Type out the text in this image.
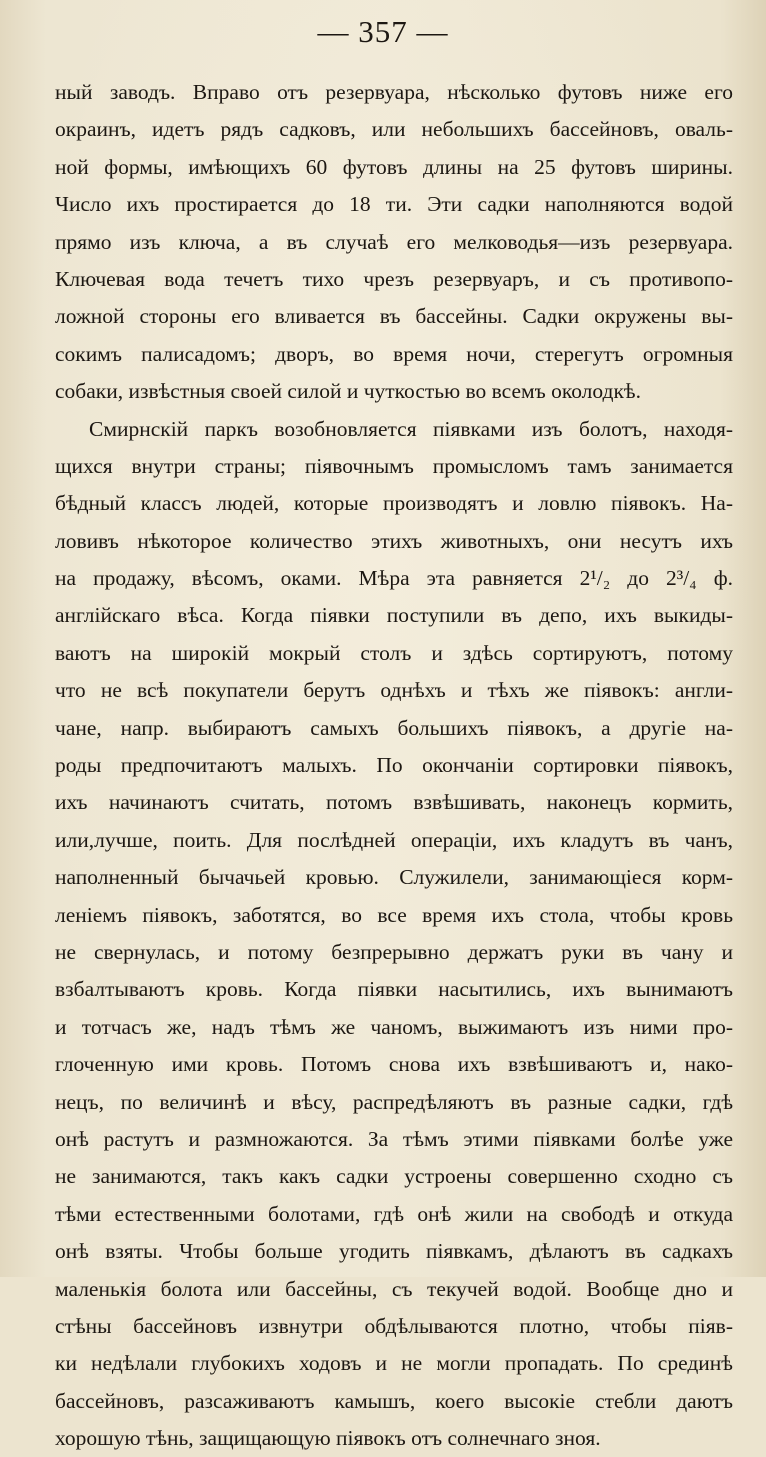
— 357 —
ный заводъ. Вправо отъ резервуара, нѣсколько футовъ ниже его
окраинъ, идетъ рядъ садковъ, или небольшихъ бассейновъ, оваль-
ной формы, имѣющихъ 60 футовъ длины на 25 футовъ ширины.
Число ихъ простирается до 18 ти. Эти садки наполняются водой
прямо изъ ключа, а въ случаѣ его мелководья—изъ резервуара.
Ключевая вода течетъ тихо чрезъ резервуаръ, и съ противопо-
ложной стороны его вливается въ бассейны. Садки окружены вы-
сокимъ палисадомъ; дворъ, во время ночи, стерегутъ огромныя
собаки, извѣстныя своей силой и чуткостью во всемъ околодкѣ.
Смирнскій паркъ возобновляется піявками изъ болотъ, находя-
щихся внутри страны; піявочнымъ промысломъ тамъ занимается
бѣдный классъ людей, которые производятъ и ловлю піявокъ. На-
ловивъ нѣкоторое количество этихъ животныхъ, они несутъ ихъ
на продажу, вѣсомъ, оками. Мѣра эта равняется 2¹/₂ до 2³/₄ ф.
англійскаго вѣса. Когда піявки поступили въ депо, ихъ выкиды-
ваютъ на широкій мокрый столъ и здѣсь сортируютъ, потому
что не всѣ покупатели берутъ однѣхъ и тѣхъ же піявокъ: англи-
чане, напр. выбираютъ самыхъ большихъ піявокъ, а другіе на-
роды предпочитаютъ малыхъ. По окончаніи сортировки піявокъ,
ихъ начинаютъ считать, потомъ взвѣшивать, наконецъ кормить,
или,лучше, поить. Для послѣдней операціи, ихъ кладутъ въ чанъ,
наполненный бычачьей кровью. Служилели, занимающіеся корм-
леніемъ піявокъ, заботятся, во все время ихъ стола, чтобы кровь
не свернулась, и потому безпрерывно держатъ руки въ чану и
взбалтываютъ кровь. Когда піявки насытились, ихъ вынимаютъ
и тотчасъ же, надъ тѣмъ же чаномъ, выжимаютъ изъ ними про-
глоченную ими кровь. Потомъ снова ихъ взвѣшиваютъ и, нако-
нецъ, по величинѣ и вѣсу, распредѣляютъ въ разные садки, гдѣ
онѣ растутъ и размножаются. За тѣмъ этими піявками болѣе уже
не занимаются, такъ какъ садки устроены совершенно сходно съ
тѣми естественными болотами, гдѣ онѣ жили на свободѣ и откуда
онѣ взяты. Чтобы больше угодить піявкамъ, дѣлаютъ въ садкахъ
маленькія болота или бассейны, съ текучей водой. Вообще дно и
стѣны бассейновъ извнутри обдѣлываются плотно, чтобы піяв-
ки недѣлали глубокихъ ходовъ и не могли пропадать. По срединѣ
бассейновъ, разсаживаютъ камышъ, коего высокіе стебли даютъ
хорошую тѣнь, защищающую піявокъ отъ солнечнаго зноя.
